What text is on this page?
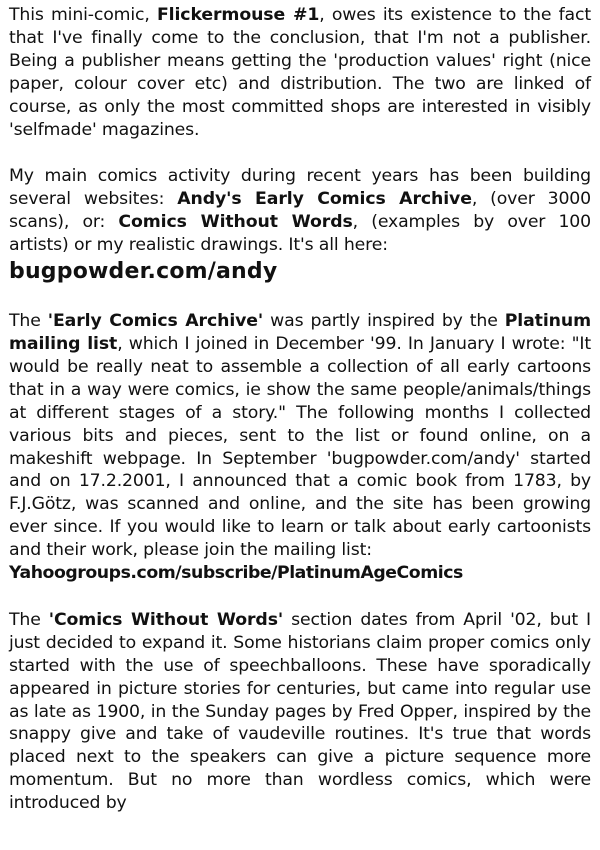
This mini-comic, Flickermouse #1, owes its existence to the fact that I've finally come to the conclusion, that I'm not a publisher. Being a publisher means getting the 'production values' right (nice paper, colour cover etc) and distribution. The two are linked of course, as only the most committed shops are interested in visibly 'selfmade' magazines.

My main comics activity during recent years has been building several websites: Andy's Early Comics Archive, (over 3000 scans), or: Comics Without Words, (examples by over 100 artists) or my realistic drawings. It's all here:
bugpowder.com/andy

The 'Early Comics Archive' was partly inspired by the Platinum mailing list, which I joined in December '99. In January I wrote: "It would be really neat to assemble a collection of all early cartoons that in a way were comics, ie show the same people/animals/things at different stages of a story." The following months I collected various bits and pieces, sent to the list or found online, on a makeshift webpage. In September 'bugpowder.com/andy' started and on 17.2.2001, I announced that a comic book from 1783, by F.J.Götz, was scanned and online, and the site has been growing ever since. If you would like to learn or talk about early cartoonists and their work, please join the mailing list:
Yahoogroups.com/subscribe/PlatinumAgeComics

The 'Comics Without Words' section dates from April '02, but I just decided to expand it. Some historians claim proper comics only started with the use of speechballoons. These have sporadically appeared in picture stories for centuries, but came into regular use as late as 1900, in the Sunday pages by Fred Opper, inspired by the snappy give and take of vaudeville routines. It's true that words placed next to the speakers can give a picture sequence more momentum. But no more than wordless comics, which were introduced by
